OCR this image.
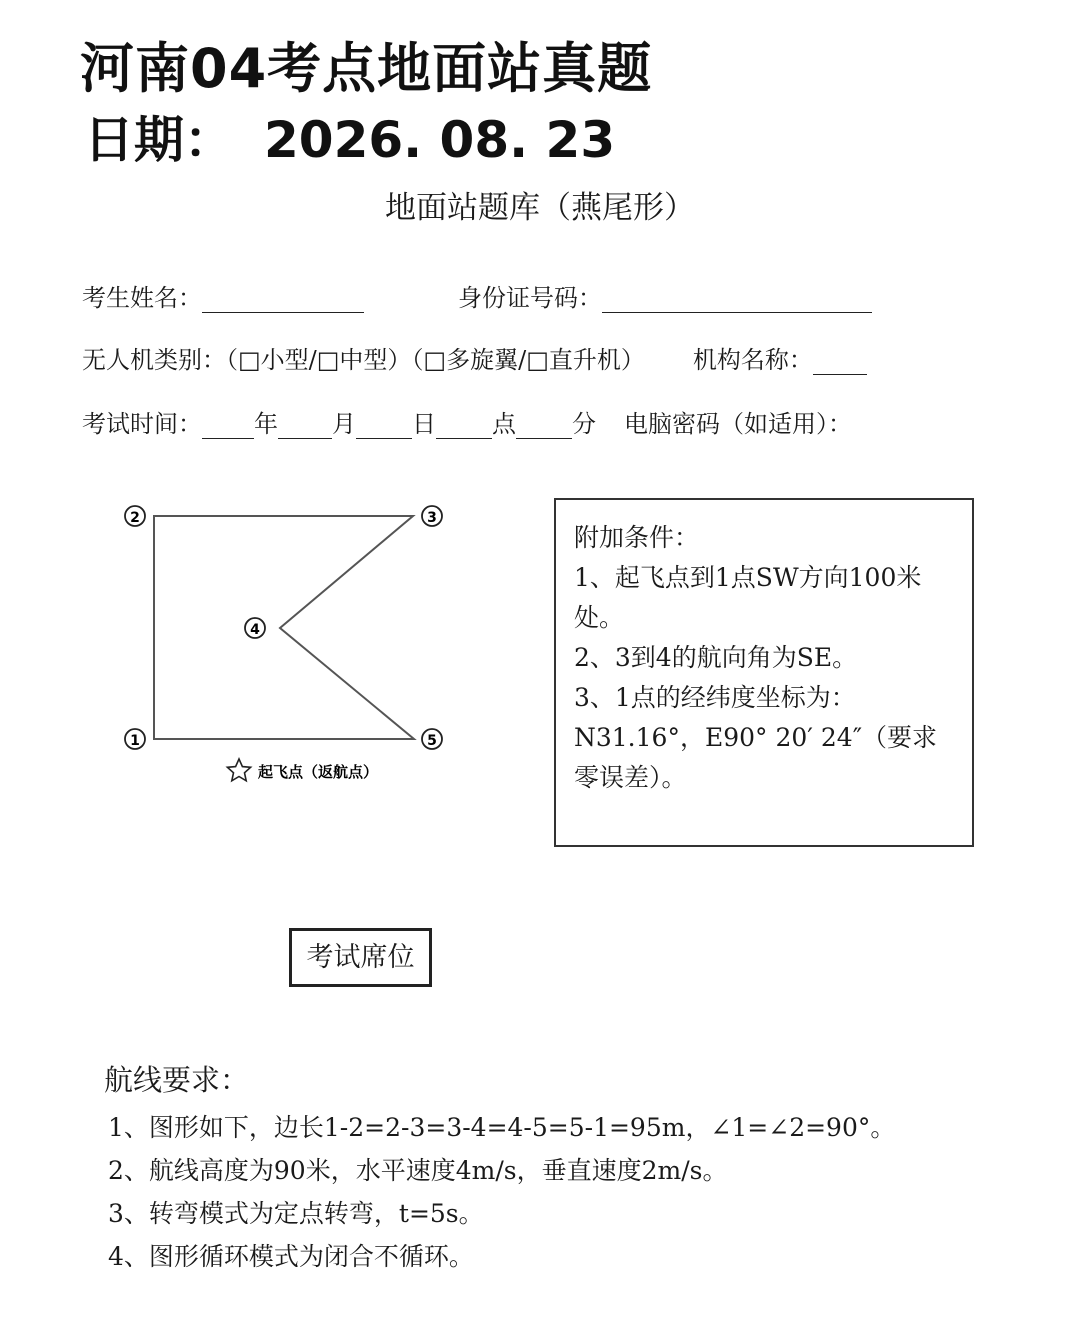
河南04考点地面站真题
日期： 2026. 08. 23
地面站题库（燕尾形）
考生姓名：	身份证号码：
无人机类别：（□小型/□中型）（□多旋翼/□直升机） 机构名称：
考试时间： 年 月 日 点 分 电脑密码（如适用）：
1
2	3
4
5
起飞点（返航点）
附加条件：
1、起飞点到1点SW方向100米处。
2、3到4的航向角为SE。
3、1点的经纬度坐标为：N31.16°，E90° 20′ 24″（要求零误差）。
考试席位
航线要求：
1、图形如下，边长1-2=2-3=3-4=4-5=5-1=95m，∠1=∠2=90°。
2、航线高度为90米，水平速度4m/s，垂直速度2m/s。
3、转弯模式为定点转弯，t=5s。
4、图形循环模式为闭合不循环。
